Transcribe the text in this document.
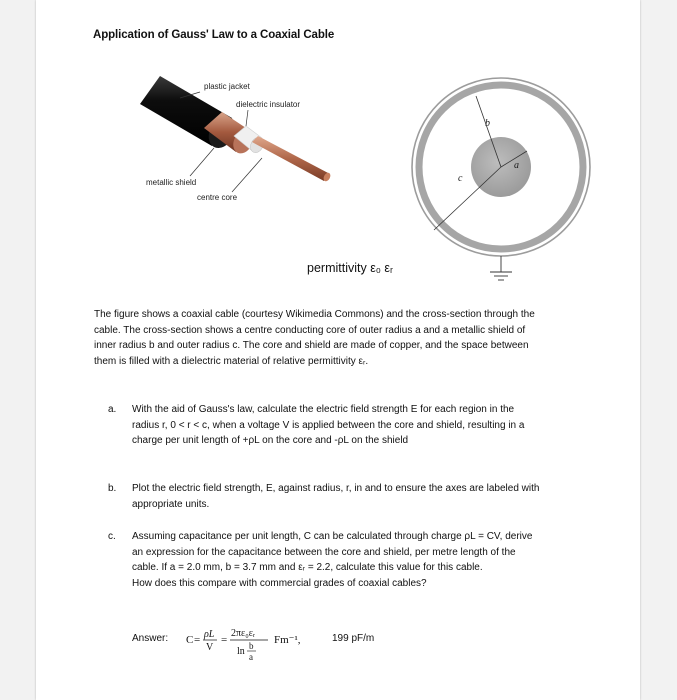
Application of Gauss' Law to a Coaxial Cable
plastic jacket
dielectric insulator
metallic shield
centre core
b
a
c
permittivity ε₀ εᵣ
The figure shows a coaxial cable (courtesy Wikimedia Commons) and the cross-section through the cable. The cross-section shows a centre conducting core of outer radius a and a metallic shield of inner radius b and outer radius c. The core and shield are made of copper, and the space between them is filled with a dielectric material of relative permittivity εᵣ.
a. With the aid of Gauss's law, calculate the electric field strength E for each region in the radius r, 0 < r < c, when a voltage V is applied between the core and shield, resulting in a charge per unit length of +ρL on the core and -ρL on the shield
b. Plot the electric field strength, E, against radius, r, in and to ensure the axes are labeled with appropriate units.
c. Assuming capacitance per unit length, C can be calculated through charge ρL = CV, derive an expression for the capacitance between the core and shield, per metre length of the cable. If a = 2.0 mm, b = 3.7 mm and εᵣ = 2.2, calculate this value for this cable.
How does this compare with commercial grades of coaxial cables?
Answer: C = ρL
V
=
2πε₀εᵣ
ln b
a
Fm⁻¹,	199 pF/m
